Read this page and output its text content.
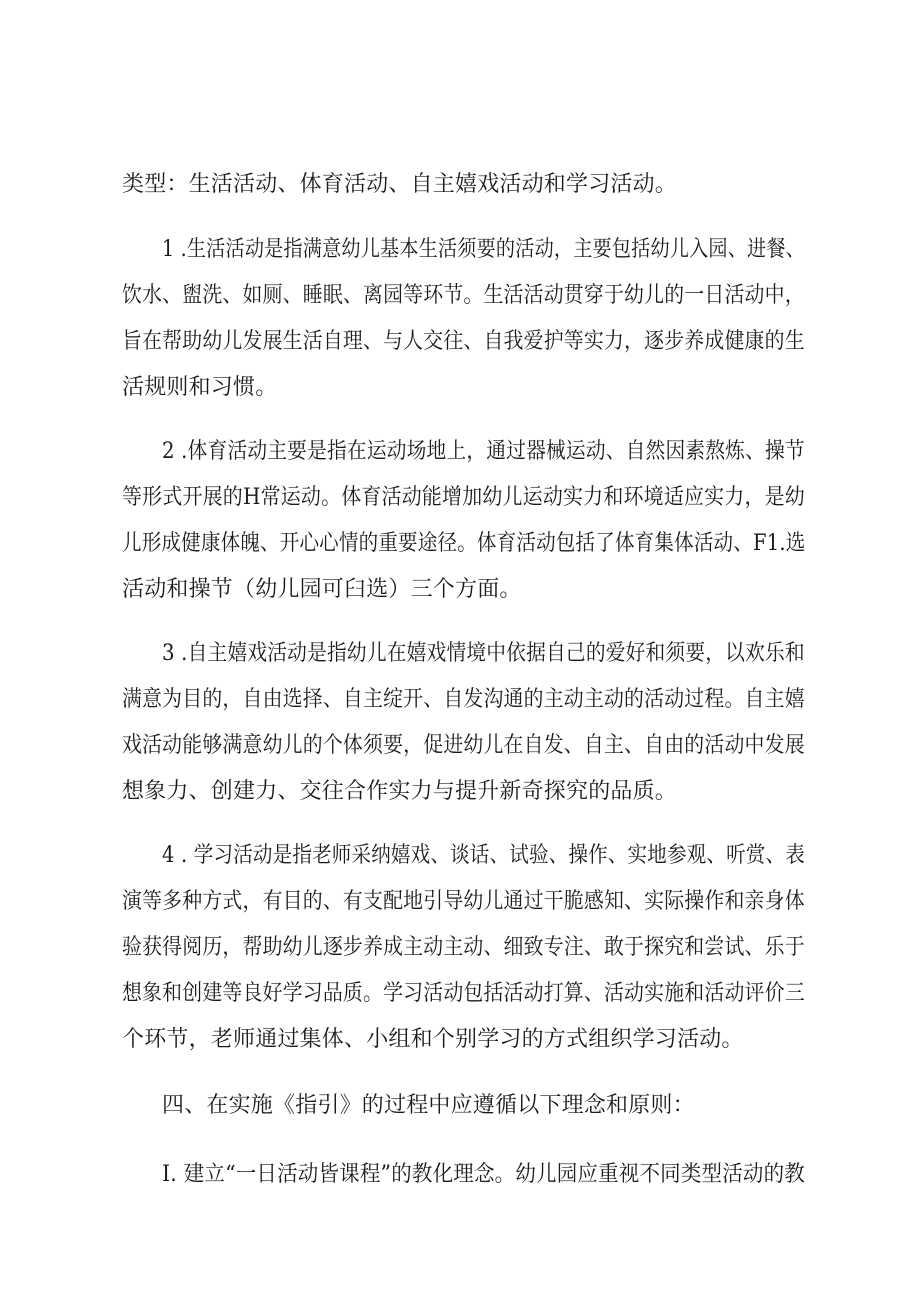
类型：生活活动、体育活动、自主嬉戏活动和学习活动。
1 .生活活动是指满意幼儿基本生活须要的活动，主要包括幼儿入园、进餐、
饮水、盥洗、如厕、睡眠、离园等环节。生活活动贯穿于幼儿的一日活动中，
旨在帮助幼儿发展生活自理、与人交往、自我爱护等实力，逐步养成健康的生
活规则和习惯。
2 .体育活动主要是指在运动场地上，通过器械运动、自然因素熬炼、操节
等形式开展的H常运动。体育活动能增加幼儿运动实力和环境适应实力，是幼
儿形成健康体魄、开心心情的重要途径。体育活动包括了体育集体活动、F1.选
活动和操节（幼儿园可臼选）三个方面。
3 .自主嬉戏活动是指幼儿在嬉戏情境中依据自己的爱好和须要，以欢乐和
满意为目的，自由选择、自主绽开、自发沟通的主动主动的活动过程。自主嬉
戏活动能够满意幼儿的个体须要，促进幼儿在自发、自主、自由的活动中发展
想象力、创建力、交往合作实力与提升新奇探究的品质。
4 . 学习活动是指老师采纳嬉戏、谈话、试验、操作、实地参观、听赏、表
演等多种方式，有目的、有支配地引导幼儿通过干脆感知、实际操作和亲身体
验获得阅历，帮助幼儿逐步养成主动主动、细致专注、敢于探究和尝试、乐于
想象和创建等良好学习品质。学习活动包括活动打算、活动实施和活动评价三
个环节，老师通过集体、小组和个别学习的方式组织学习活动。
四、在实施《指引》的过程中应遵循以下理念和原则：
I. 建立“一日活动皆课程”的教化理念。幼儿园应重视不同类型活动的教
